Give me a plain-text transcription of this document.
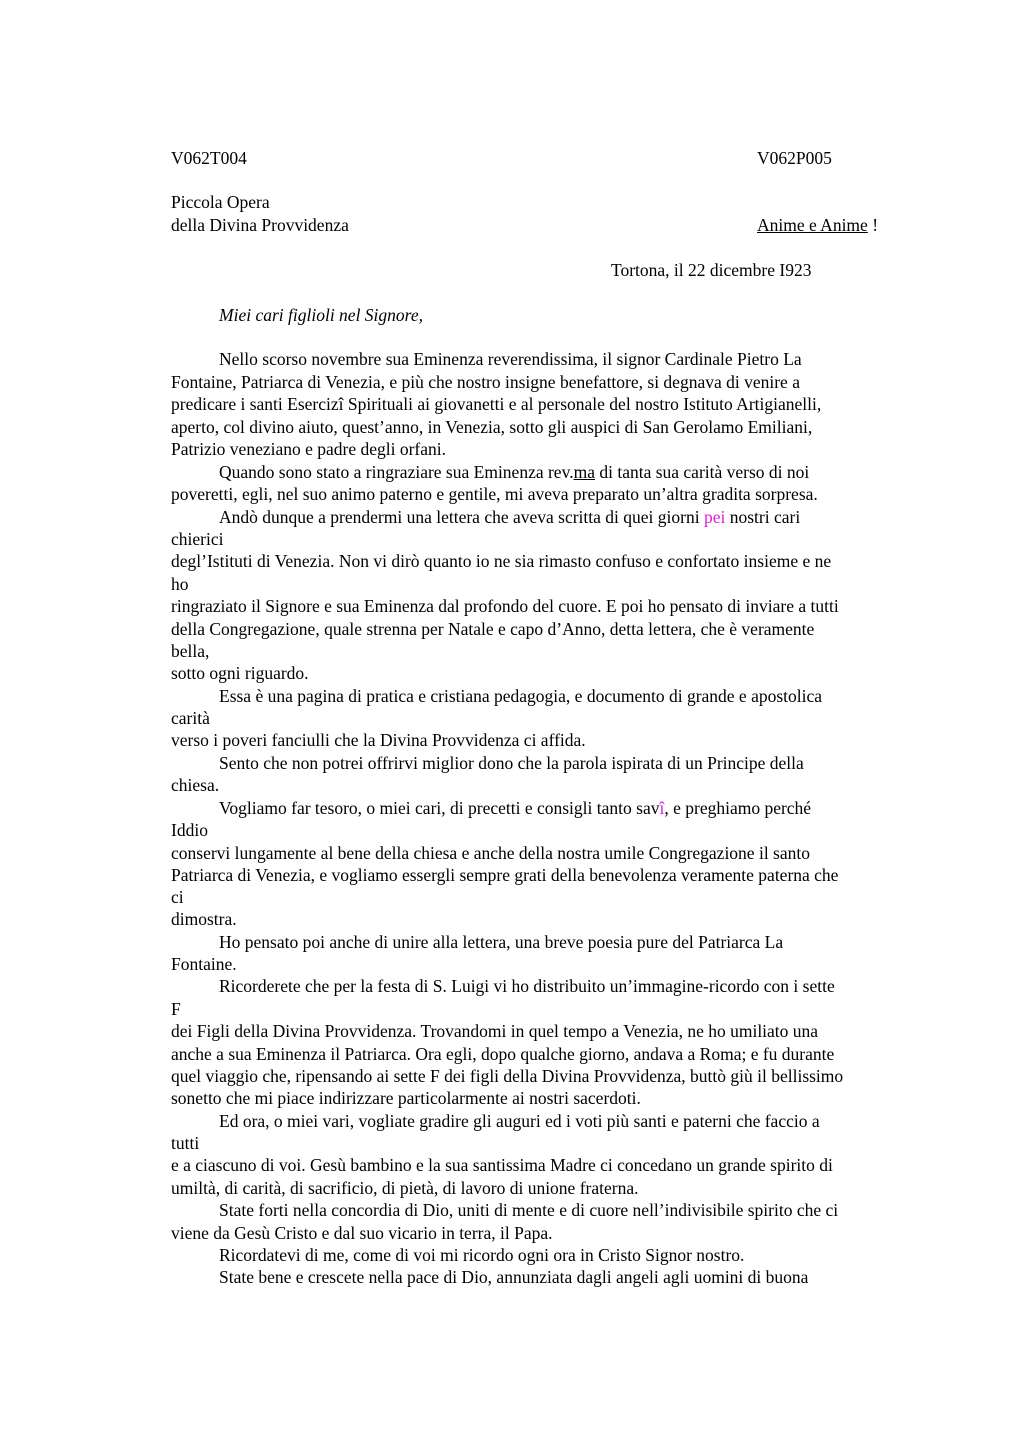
V062T004	V062P005
Piccola Opera
della Divina Provvidenza	Anime e Anime !
Tortona, il 22 dicembre I923
Miei cari figlioli nel Signore,
Nello scorso novembre sua Eminenza reverendissima, il signor Cardinale Pietro La
Fontaine, Patriarca di Venezia, e più che nostro insigne benefattore, si degnava di venire a
predicare i santi Esercizî Spirituali ai giovanetti e al personale del nostro Istituto Artigianelli,
aperto, col divino aiuto, quest’anno, in Venezia, sotto gli auspici di San Gerolamo Emiliani,
Patrizio veneziano e padre degli orfani.
Quando sono stato a ringraziare sua Eminenza rev.ma di tanta sua carità verso di noi
poveretti, egli, nel suo animo paterno e gentile, mi aveva preparato un’altra gradita sorpresa.
Andò dunque a prendermi una lettera che aveva scritta di quei giorni pei nostri cari
chierici
degl’Istituti di Venezia. Non vi dirò quanto io ne sia rimasto confuso e confortato insieme e ne
ho
ringraziato il Signore e sua Eminenza dal profondo del cuore. E poi ho pensato di inviare a tutti
della Congregazione, quale strenna per Natale e capo d’Anno, detta lettera, che è veramente
bella,
sotto ogni riguardo.
Essa è una pagina di pratica e cristiana pedagogia, e documento di grande e apostolica
carità
verso i poveri fanciulli che la Divina Provvidenza ci affida.
Sento che non potrei offrirvi miglior dono che la parola ispirata di un Principe della
chiesa.
Vogliamo far tesoro, o miei cari, di precetti e consigli tanto savî, e preghiamo perché
Iddio
conservi lungamente al bene della chiesa e anche della nostra umile Congregazione il santo
Patriarca di Venezia, e vogliamo essergli sempre grati della benevolenza veramente paterna che
ci
dimostra.
Ho pensato poi anche di unire alla lettera, una breve poesia pure del Patriarca La
Fontaine.
Ricorderete che per la festa di S. Luigi vi ho distribuito un’immagine-ricordo con i sette
F
dei Figli della Divina Provvidenza. Trovandomi in quel tempo a Venezia, ne ho umiliato una
anche a sua Eminenza il Patriarca. Ora egli, dopo qualche giorno, andava a Roma; e fu durante
quel viaggio che, ripensando ai sette F dei figli della Divina Provvidenza, buttò giù il bellissimo
sonetto che mi piace indirizzare particolarmente ai nostri sacerdoti.
Ed ora, o miei vari, vogliate gradire gli auguri ed i voti più santi e paterni che faccio a
tutti
e a ciascuno di voi. Gesù bambino e la sua santissima Madre ci concedano un grande spirito di
umiltà, di carità, di sacrificio, di pietà, di lavoro di unione fraterna.
State forti nella concordia di Dio, uniti di mente e di cuore nell’indivisibile spirito che ci
viene da Gesù Cristo e dal suo vicario in terra, il Papa.
Ricordatevi di me, come di voi mi ricordo ogni ora in Cristo Signor nostro.
State bene e crescete nella pace di Dio, annunziata dagli angeli agli uomini di buona
